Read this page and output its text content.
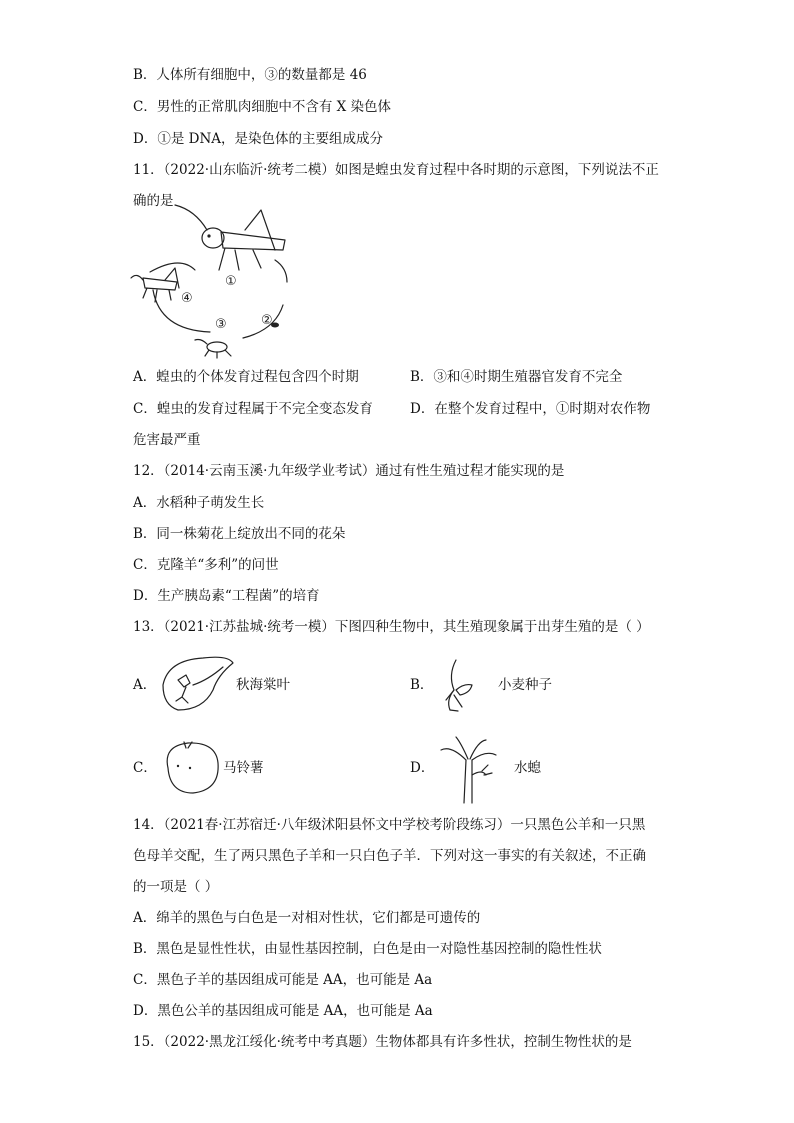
B．人体所有细胞中，③的数量都是 46
C．男性的正常肌肉细胞中不含有 X 染色体
D．①是 DNA，是染色体的主要组成成分
11．（2022·山东临沂·统考二模）如图是蝗虫发育过程中各时期的示意图，下列说法不正
确的是
①
②
③
④
A．蝗虫的个体发育过程包含四个时期	B．③和④时期生殖器官发育不完全
C．蝗虫的发育过程属于不完全变态发育	D．在整个发育过程中，①时期对农作物
危害最严重
12．（2014·云南玉溪·九年级学业考试）通过有性生殖过程才能实现的是
A．水稻种子萌发生长
B．同一株菊花上绽放出不同的花朵
C．克隆羊“多利”的问世
D．生产胰岛素“工程菌”的培育
13．（2021·江苏盐城·统考一模）下图四种生物中，其生殖现象属于出芽生殖的是（ ）
A．	秋海棠叶	B．	小麦种子
C．	马铃薯	D．	水螅
14．（2021春·江苏宿迁·八年级沭阳县怀文中学校考阶段练习）一只黑色公羊和一只黑
色母羊交配，生了两只黑色子羊和一只白色子羊．下列对这一事实的有关叙述，不正确
的一项是（ ）
A．绵羊的黑色与白色是一对相对性状，它们都是可遗传的
B．黑色是显性性状，由显性基因控制，白色是由一对隐性基因控制的隐性性状
C．黑色子羊的基因组成可能是 AA，也可能是 Aa
D．黑色公羊的基因组成可能是 AA，也可能是 Aa
15．（2022·黑龙江绥化·统考中考真题）生物体都具有许多性状，控制生物性状的是
